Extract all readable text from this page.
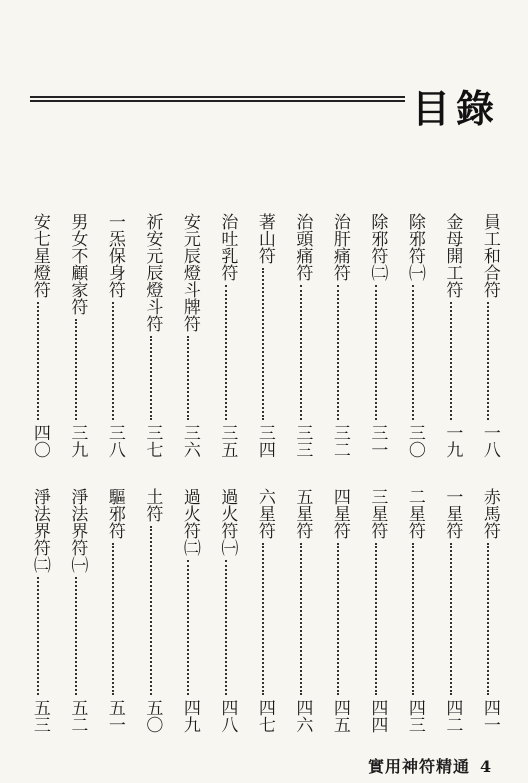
目錄
員工和合符
一八
金母開工符
一九
除邪符㈠
三〇
除邪符㈡
三一
治肝痛符
三二
治頭痛符
三三
著山符
三四
治吐乳符
三五
安元辰燈斗牌符
三六
祈安元辰燈斗符
三七
一炁保身符
三八
男女不顧家符
三九
安七星燈符
四〇
赤馬符
四一
一星符
四二
二星符
四三
三星符
四四
四星符
四五
五星符
四六
六星符
四七
過火符㈠
四八
過火符㈡
四九
土符
五〇
驅邪符
五一
淨法界符㈠
五二
淨法界符㈡
五三
實用神符精通 4
